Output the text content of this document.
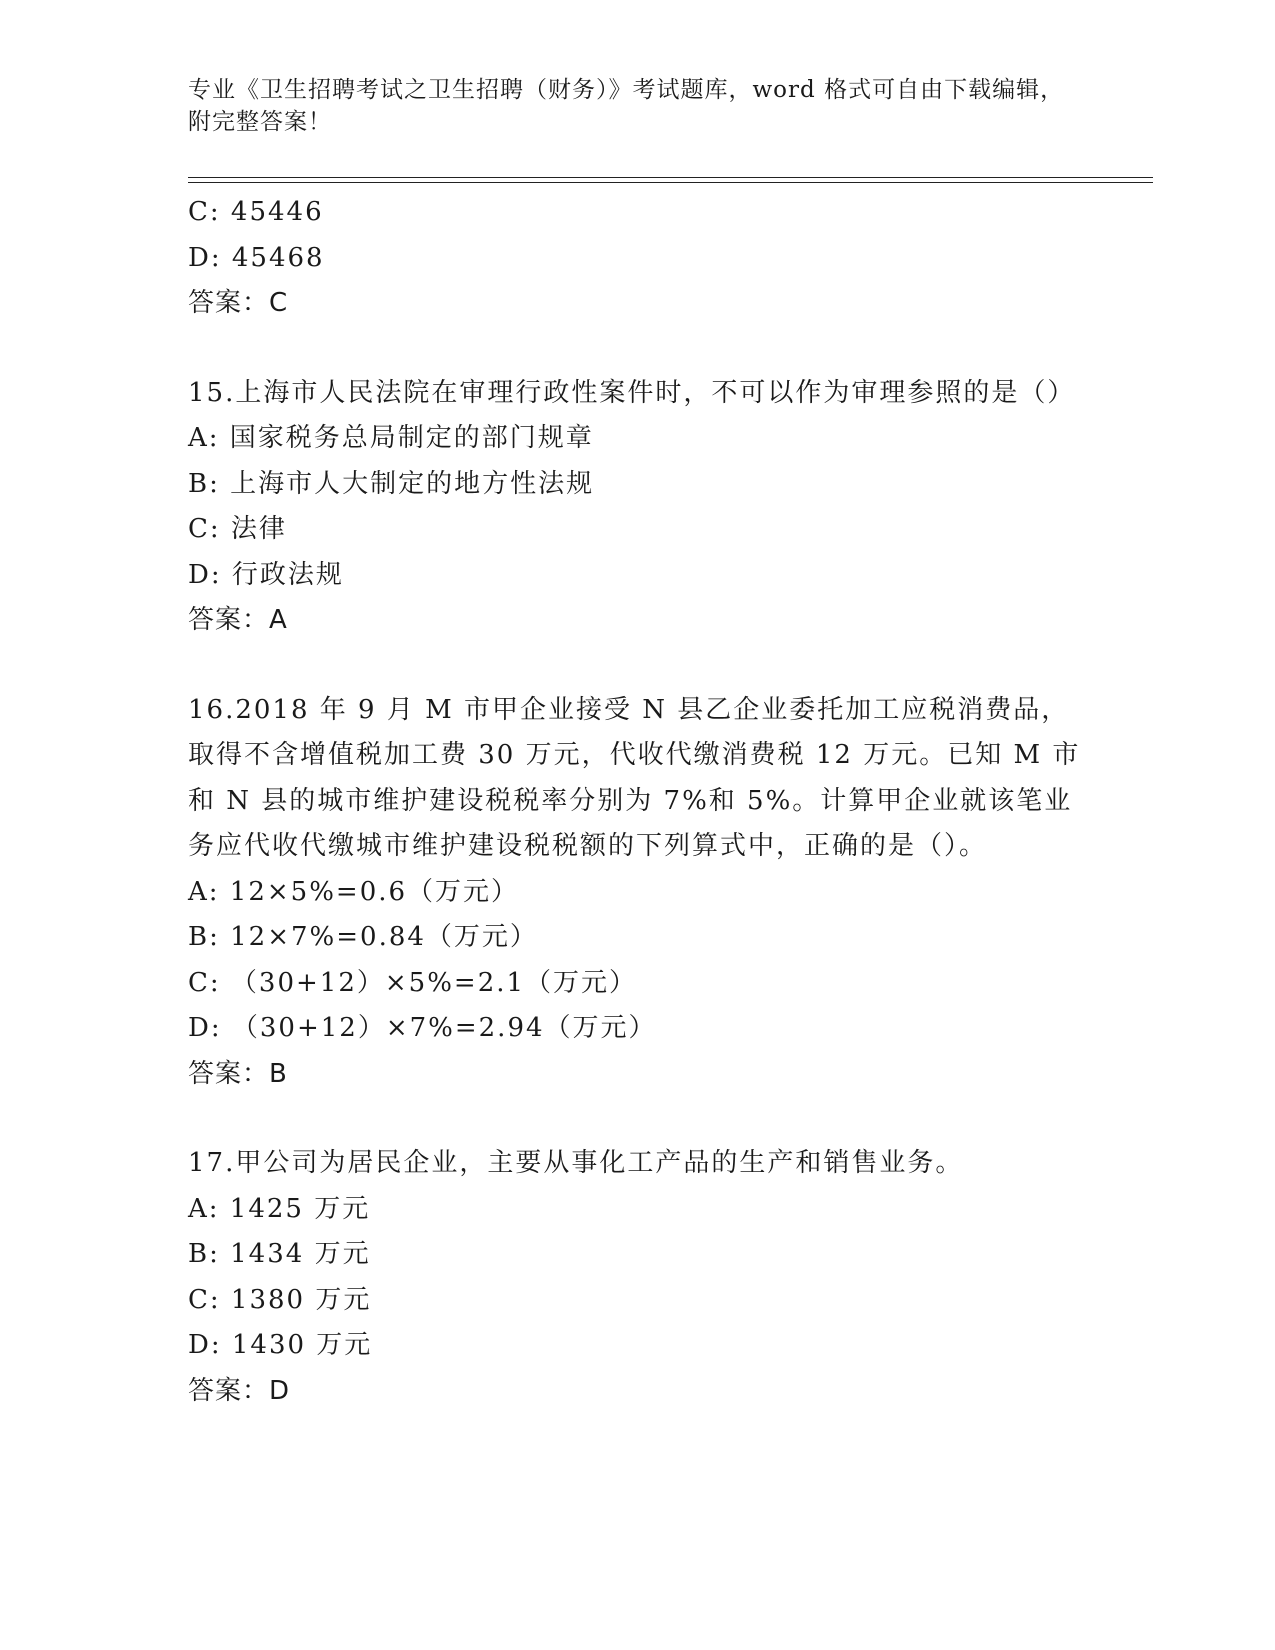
专业《卫生招聘考试之卫生招聘（财务）》考试题库，word 格式可自由下载编辑，附完整答案！
C: 45446
D: 45468
答案：C
15.上海市人民法院在审理行政性案件时，不可以作为审理参照的是（）
A: 国家税务总局制定的部门规章
B: 上海市人大制定的地方性法规
C: 法律
D: 行政法规
答案：A
16.2018 年 9 月 M 市甲企业接受 N 县乙企业委托加工应税消费品，取得不含增值税加工费 30 万元，代收代缴消费税 12 万元。已知 M 市和 N 县的城市维护建设税税率分别为 7%和 5%。计算甲企业就该笔业务应代收代缴城市维护建设税税额的下列算式中，正确的是（）。
A: 12×5%=0.6（万元）
B: 12×7%=0.84（万元）
C: （30+12）×5%=2.1（万元）
D: （30+12）×7%=2.94（万元）
答案：B
17.甲公司为居民企业，主要从事化工产品的生产和销售业务。
A: 1425 万元
B: 1434 万元
C: 1380 万元
D: 1430 万元
答案：D
